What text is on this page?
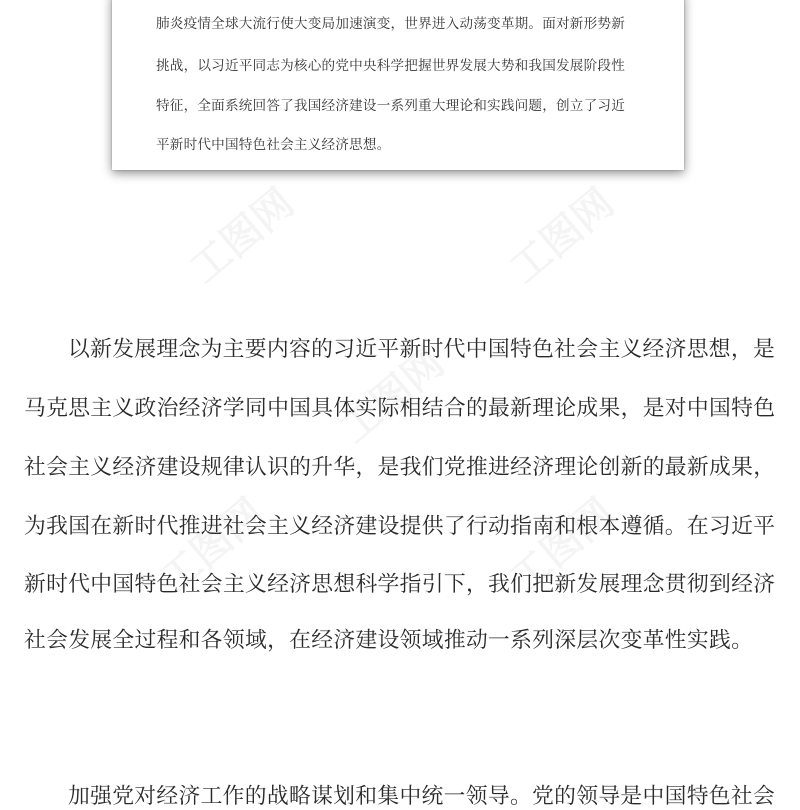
肺炎疫情全球大流行使大变局加速演变，世界进入动荡变革期。面对新形势新
挑战，以习近平同志为核心的党中央科学把握世界发展大势和我国发展阶段性
特征，全面系统回答了我国经济建设一系列重大理论和实践问题，创立了习近
平新时代中国特色社会主义经济思想。
以新发展理念为主要内容的习近平新时代中国特色社会主义经济思想，是
马克思主义政治经济学同中国具体实际相结合的最新理论成果，是对中国特色
社会主义经济建设规律认识的升华，是我们党推进经济理论创新的最新成果，
为我国在新时代推进社会主义经济建设提供了行动指南和根本遵循。在习近平
新时代中国特色社会主义经济思想科学指引下，我们把新发展理念贯彻到经济
社会发展全过程和各领域，在经济建设领域推动一系列深层次变革性实践。
加强党对经济工作的战略谋划和集中统一领导。党的领导是中国特色社会
